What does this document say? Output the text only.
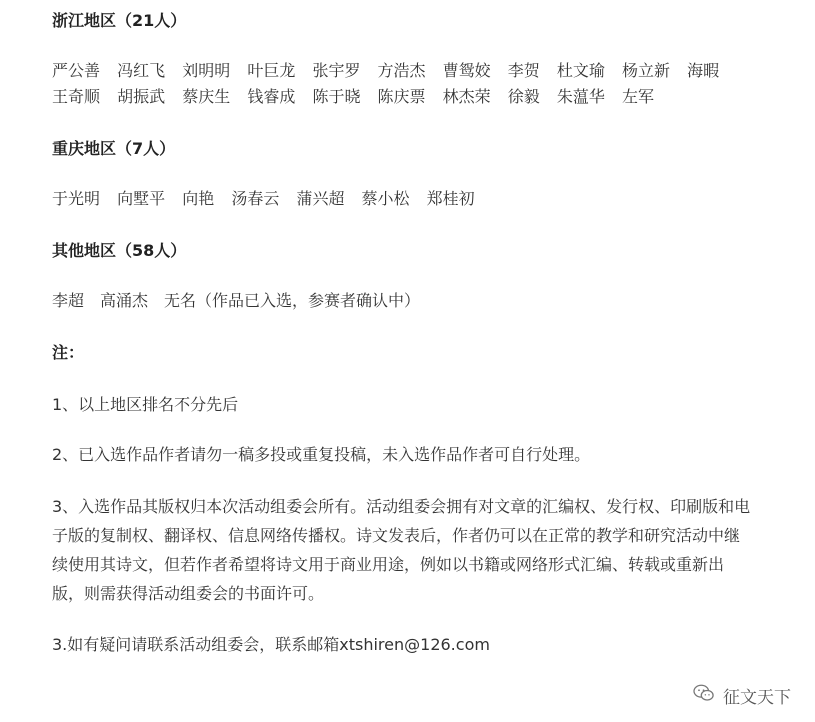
浙江地区（21人）

严公善 冯红飞 刘明明 叶巨龙 张宇罗 方浩杰 曹鸳姣 李贺 杜文瑜 杨立新 海暇 王奇顺 胡振武 蔡庆生 钱睿成 陈于晓 陈庆票 林杰荣 徐毅 朱蕰华 左军

重庆地区（7人）

于光明 向墅平 向艳 汤春云 蒲兴超 蔡小松 郑桂初

其他地区（58人）

李超　高涌杰　无名（作品已入选，参赛者确认中）

注：

1、以上地区排名不分先后

2、已入选作品作者请勿一稿多投或重复投稿，未入选作品作者可自行处理。

3、入选作品其版权归本次活动组委会所有。活动组委会拥有对文章的汇编权、发行权、印刷版和电子版的复制权、翻译权、信息网络传播权。诗文发表后，作者仍可以在正常的教学和研究活动中继续使用其诗文，但若作者希望将诗文用于商业用途，例如以书籍或网络形式汇编、转载或重新出版，则需获得活动组委会的书面许可。

3.如有疑问请联系活动组委会，联系邮箱xtshiren@126.com

征文天下
